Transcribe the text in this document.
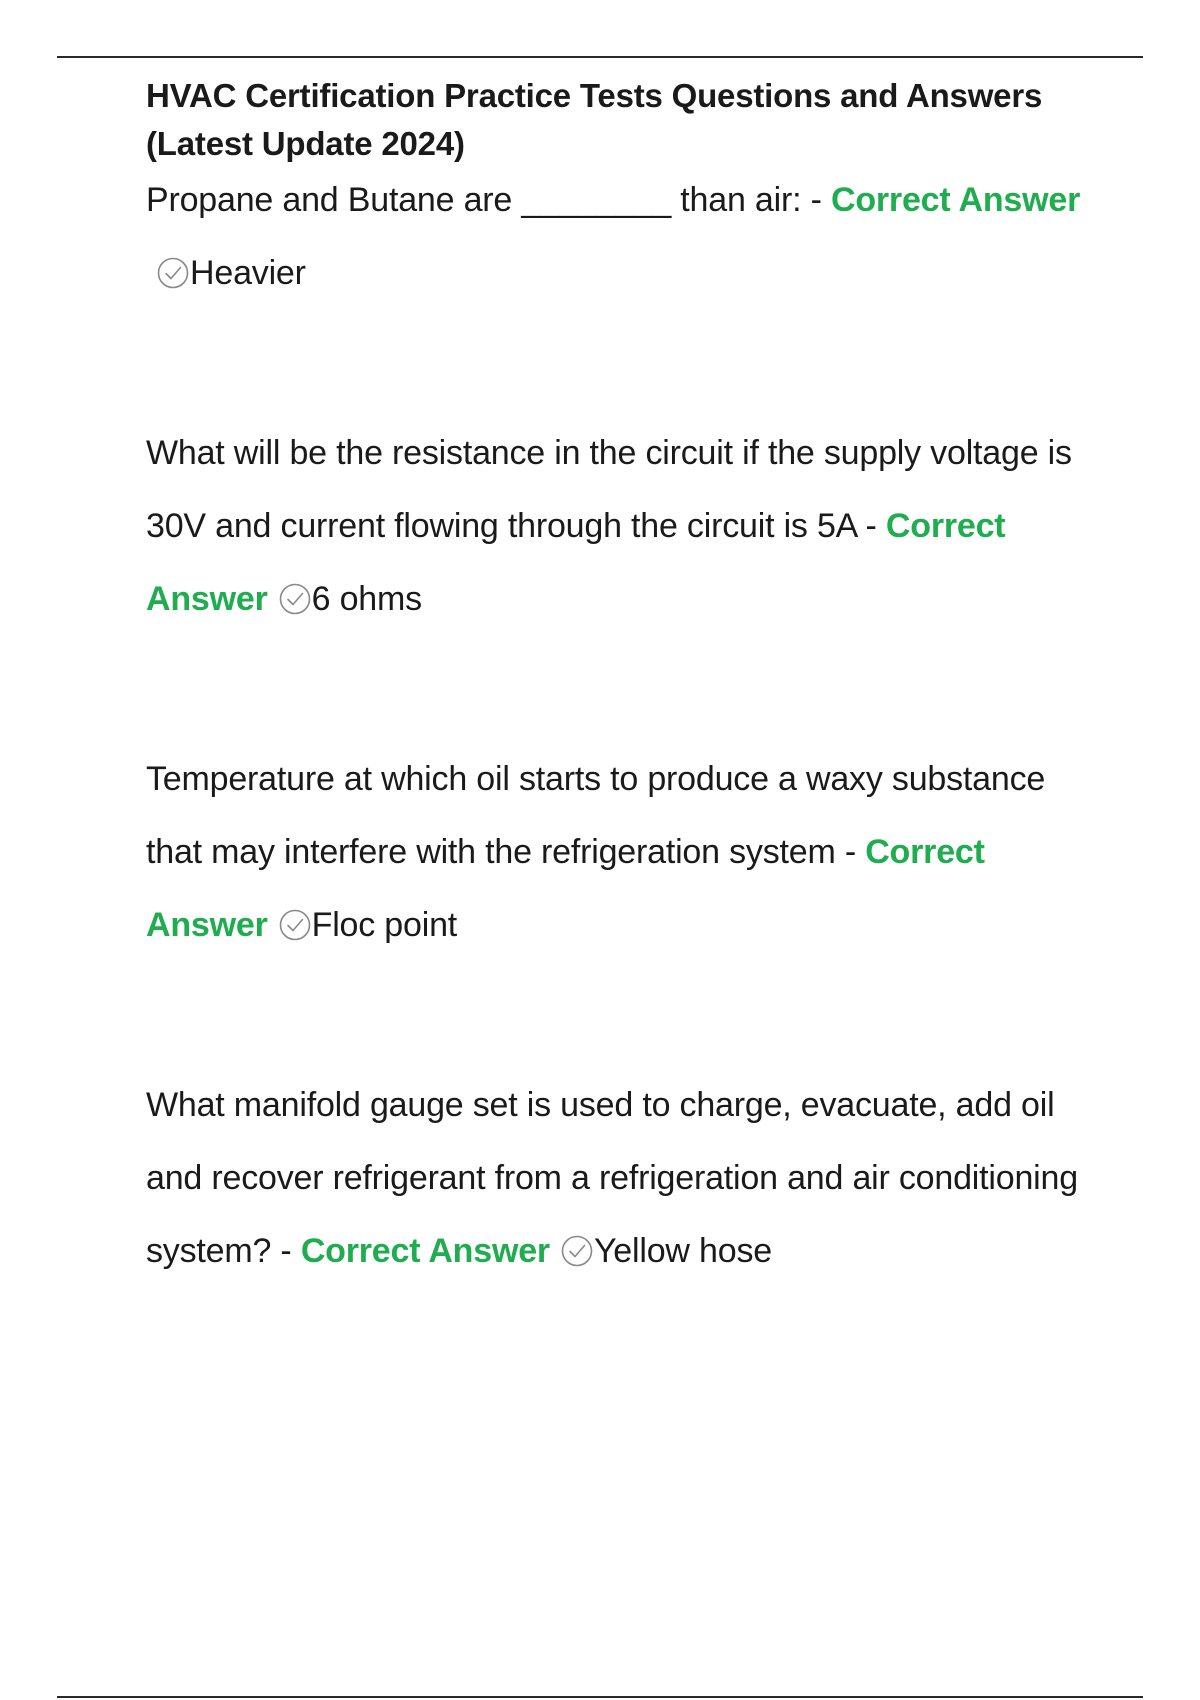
HVAC Certification Practice Tests Questions and Answers (Latest Update 2024)

Propane and Butane are ________ than air: - Correct Answer
Heavier

What will be the resistance in the circuit if the supply voltage is 30V and current flowing through the circuit is 5A - Correct Answer 6 ohms

Temperature at which oil starts to produce a waxy substance that may interfere with the refrigeration system - Correct Answer Floc point

What manifold gauge set is used to charge, evacuate, add oil and recover refrigerant from a refrigeration and air conditioning system? - Correct Answer Yellow hose
